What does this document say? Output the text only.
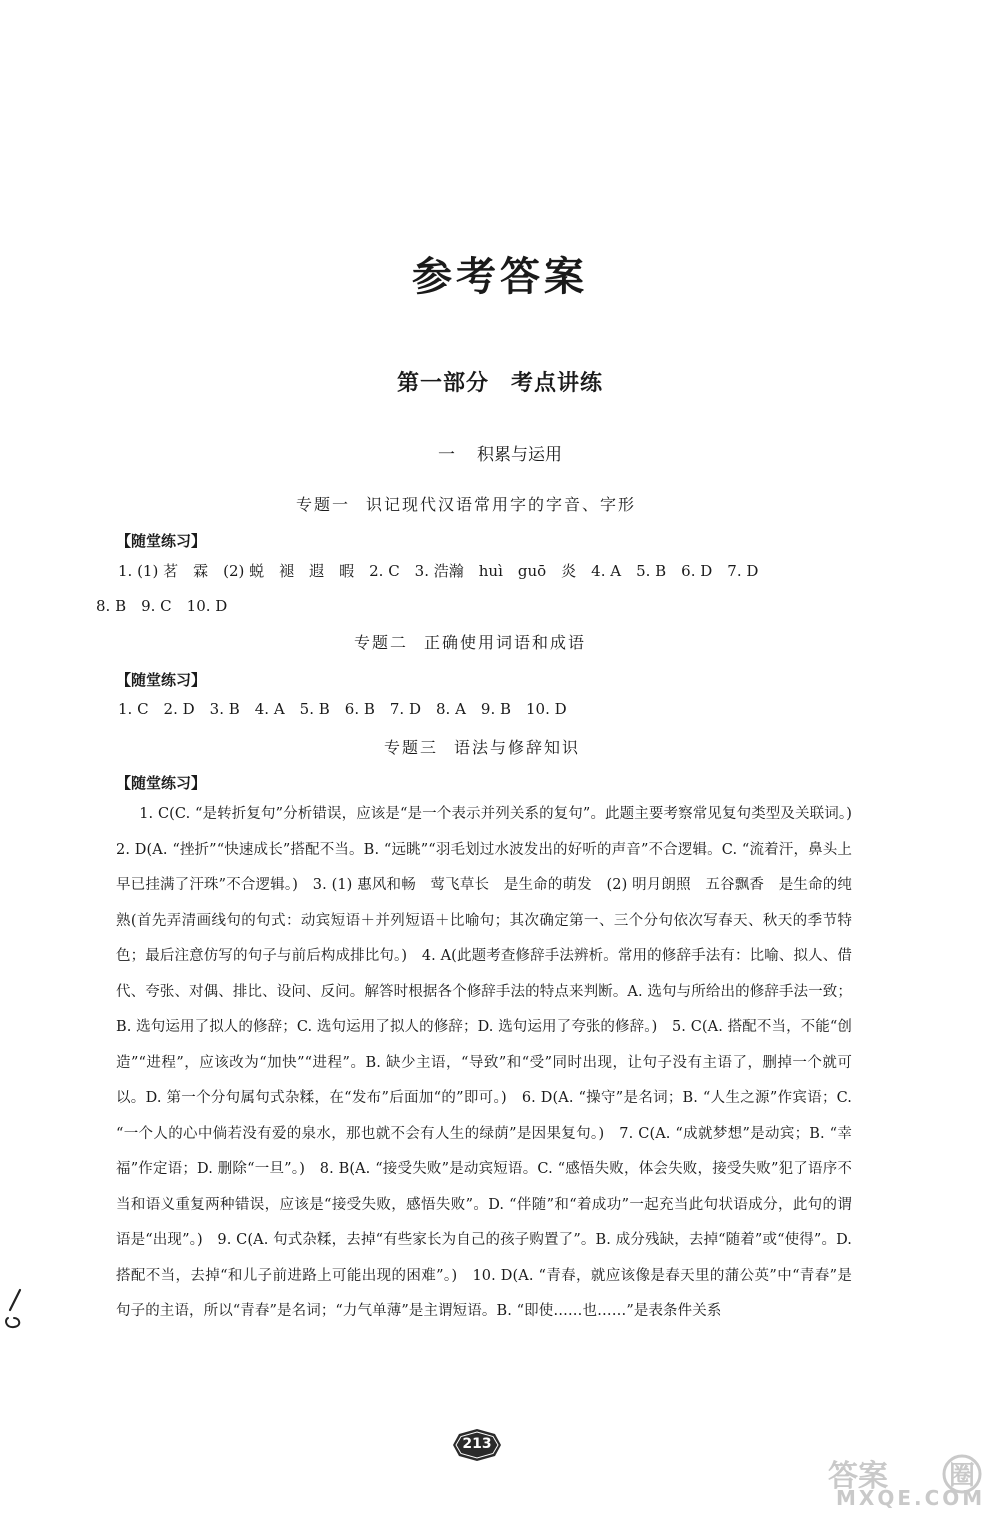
参考答案
第一部分 考点讲练
一 积累与运用
专题一 识记现代汉语常用字的字音、字形
【随堂练习】
1. (1) 茗　霖　(2) 蜕　褪　遐　暇　2. C　3. 浩瀚　huì　guō　炎　4. A　5. B　6. D　7. D
8. B　9. C　10. D
专题二 正确使用词语和成语
【随堂练习】
1. C　2. D　3. B　4. A　5. B　6. B　7. D　8. A　9. B　10. D
专题三 语法与修辞知识
【随堂练习】
1. C(C. “是转折复句”分析错误，应该是“是一个表示并列关系的复句”。此题主要考察常见复句类型及关联词。)　2. D(A. “挫折”“快速成长”搭配不当。B. “远眺”“羽毛划过水波发出的好听的声音”不合逻辑。C. “流着汗，鼻头上早已挂满了汗珠”不合逻辑。)　3. (1) 惠风和畅　莺飞草长　是生命的萌发　(2) 明月朗照　五谷飘香　是生命的纯熟(首先弄清画线句的句式：动宾短语＋并列短语＋比喻句；其次确定第一、三个分句依次写春天、秋天的季节特色；最后注意仿写的句子与前后构成排比句。)　4. A(此题考查修辞手法辨析。常用的修辞手法有：比喻、拟人、借代、夸张、对偶、排比、设问、反问。解答时根据各个修辞手法的特点来判断。A. 选句与所给出的修辞手法一致；B. 选句运用了拟人的修辞；C. 选句运用了拟人的修辞；D. 选句运用了夸张的修辞。)　5. C(A. 搭配不当，不能“创造”“进程”，应该改为“加快”“进程”。B. 缺少主语，“导致”和“受”同时出现，让句子没有主语了，删掉一个就可以。D. 第一个分句属句式杂糅，在“发布”后面加“的”即可。)　6. D(A. “操守”是名词；B. “人生之源”作宾语；C. “一个人的心中倘若没有爱的泉水，那也就不会有人生的绿荫”是因果复句。)　7. C(A. “成就梦想”是动宾；B. “幸福”作定语；D. 删除“一旦”。)　8. B(A. “接受失败”是动宾短语。C. “感悟失败，体会失败，接受失败”犯了语序不当和语义重复两种错误，应该是“接受失败，感悟失败”。D. “伴随”和“着成功”一起充当此句状语成分，此句的谓语是“出现”。)　9. C(A. 句式杂糅，去掉“有些家长为自己的孩子购置了”。B. 成分残缺，去掉“随着”或“使得”。D. 搭配不当，去掉“和儿子前进路上可能出现的困难”。)　10. D(A. “青春，就应该像是春天里的蒲公英”中“青春”是句子的主语，所以“青春”是名词；“力气单薄”是主谓短语。B. “即使……也……”是表条件关系
213
答案 圈
MXQE.COM
